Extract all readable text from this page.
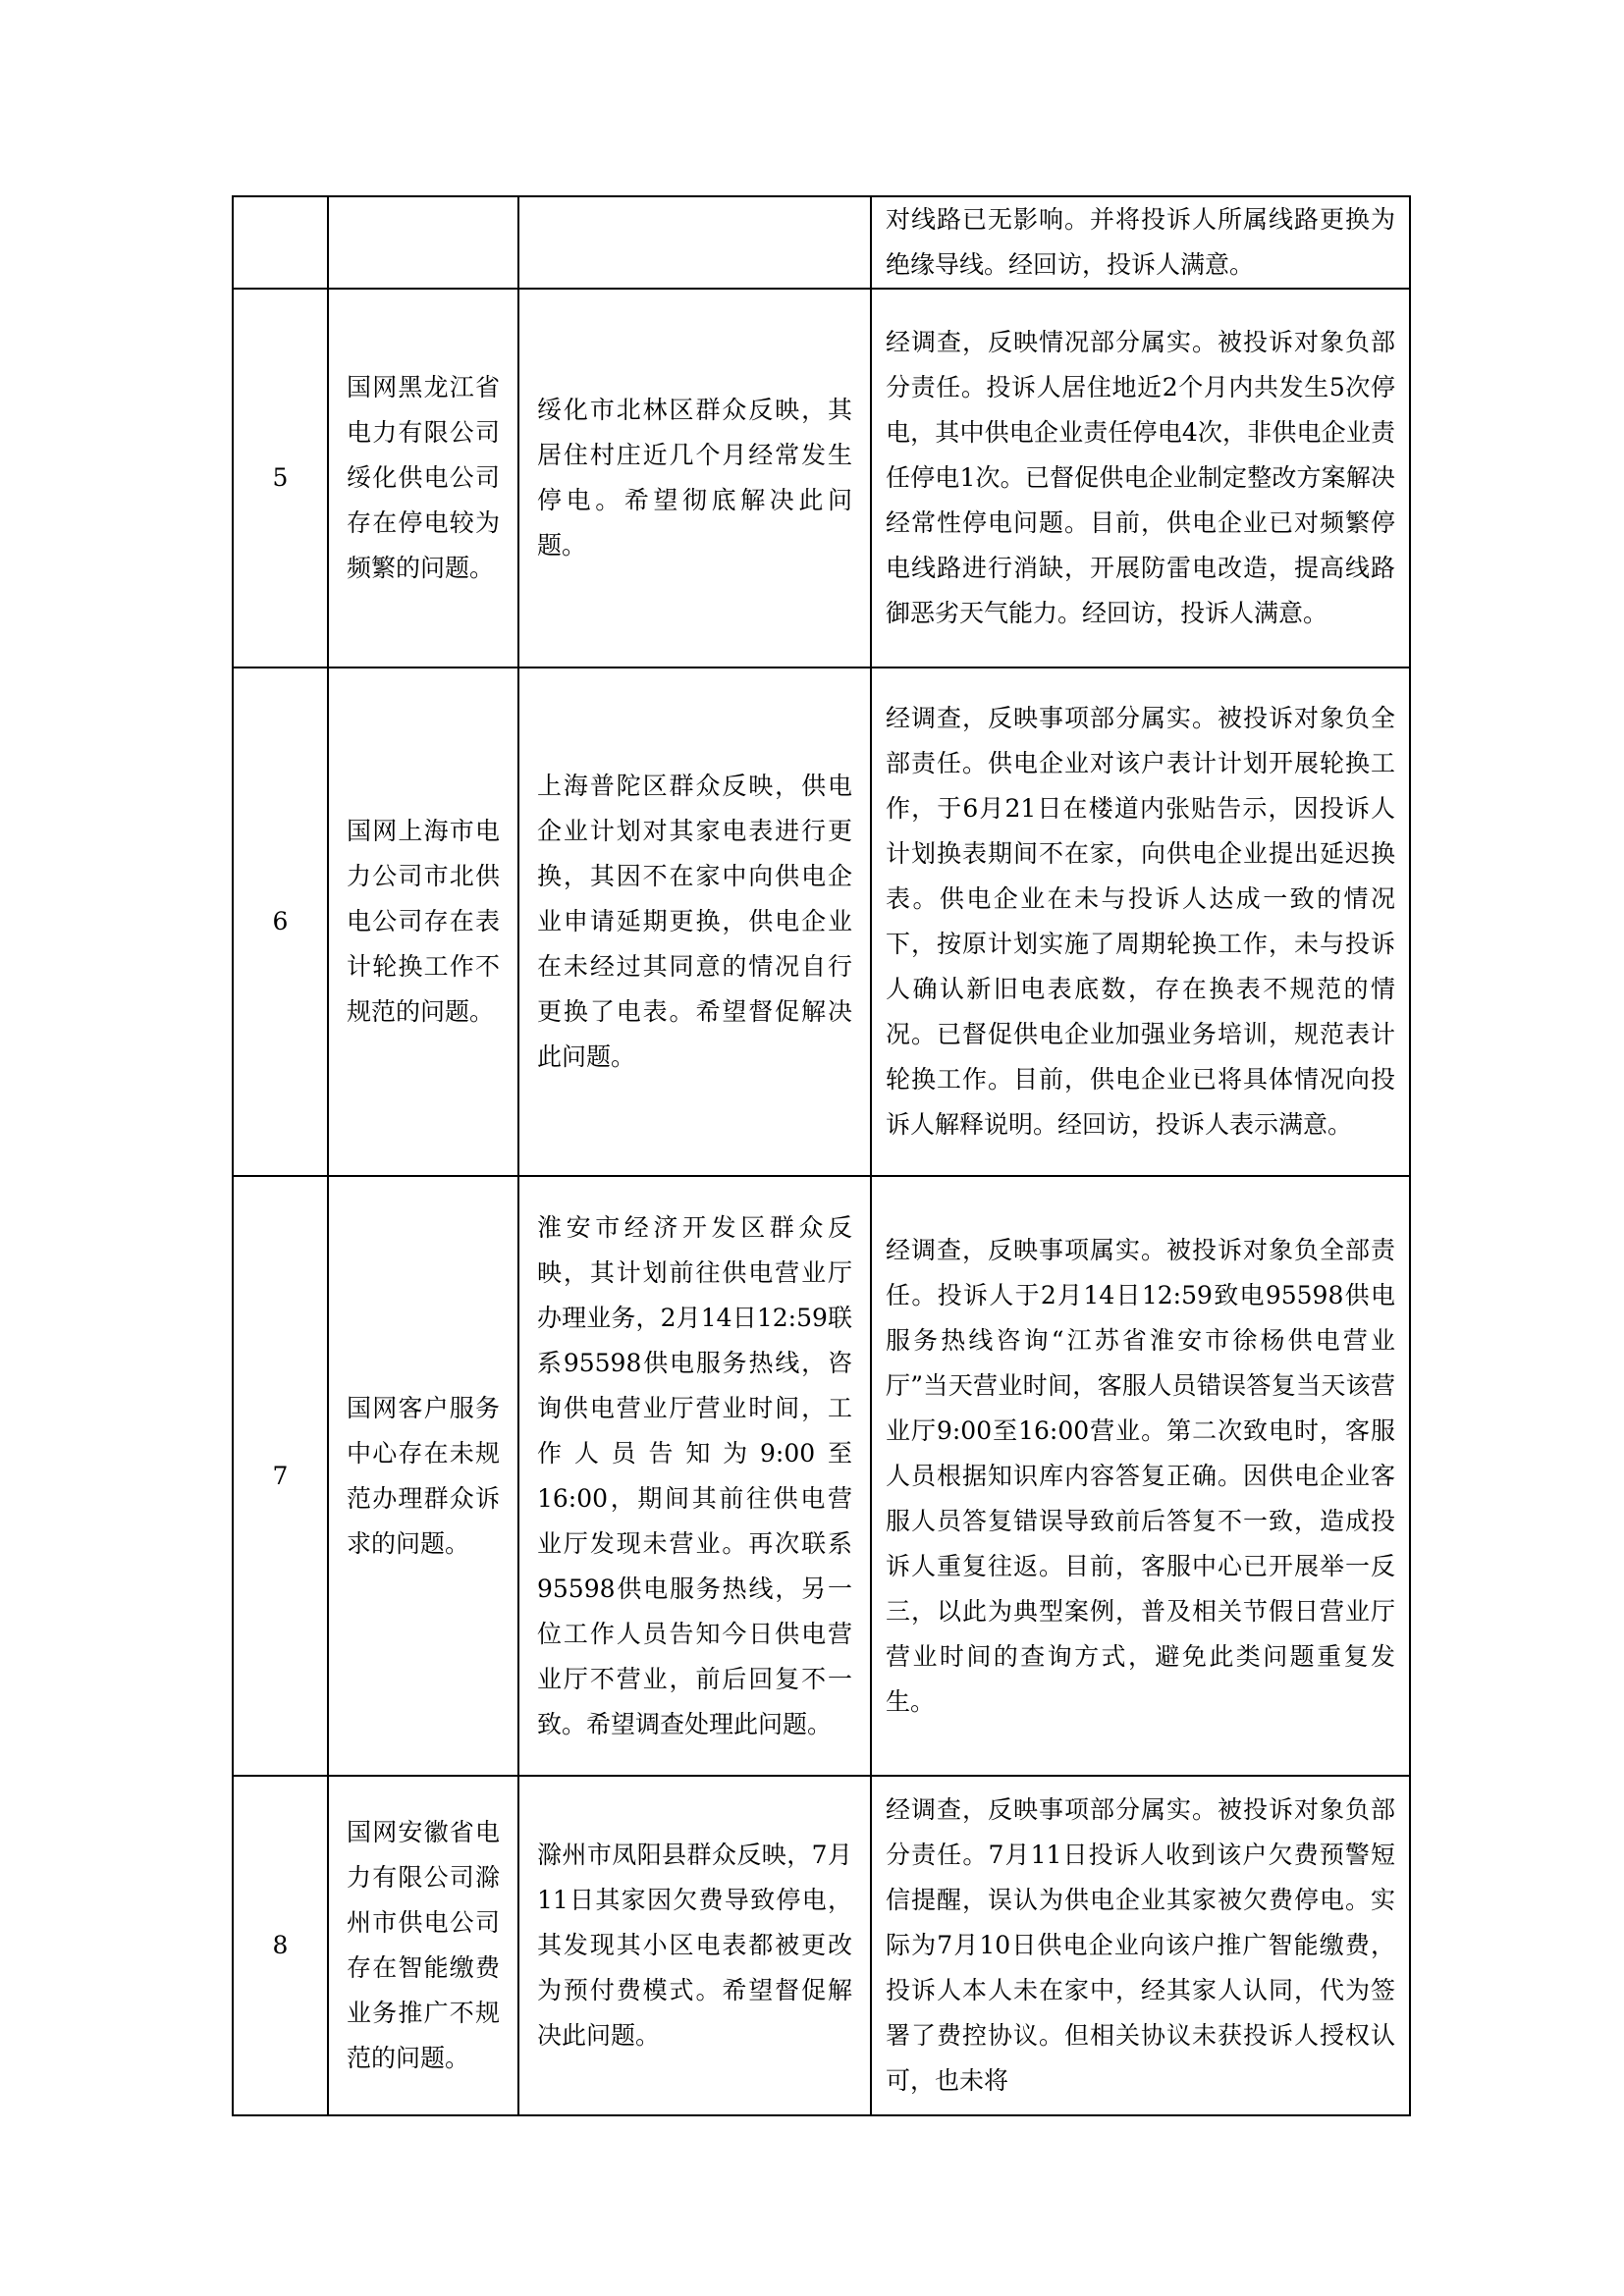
			对线路已无影响。并将投诉人所属线路更换为绝缘导线。经回访，投诉人满意。

5	国网黑龙江省电力有限公司绥化供电公司存在停电较为频繁的问题。	绥化市北林区群众反映，其居住村庄近几个月经常发生停电。希望彻底解决此问题。	经调查，反映情况部分属实。被投诉对象负部分责任。投诉人居住地近2个月内共发生5次停电，其中供电企业责任停电4次，非供电企业责任停电1次。已督促供电企业制定整改方案解决经常性停电问题。目前，供电企业已对频繁停电线路进行消缺，开展防雷电改造，提高线路御恶劣天气能力。经回访，投诉人满意。

6	国网上海市电力公司市北供电公司存在表计轮换工作不规范的问题。	上海普陀区群众反映，供电企业计划对其家电表进行更换，其因不在家中向供电企业申请延期更换，供电企业在未经过其同意的情况自行更换了电表。希望督促解决此问题。	经调查，反映事项部分属实。被投诉对象负全部责任。供电企业对该户表计计划开展轮换工作，于6月21日在楼道内张贴告示，因投诉人计划换表期间不在家，向供电企业提出延迟换表。供电企业在未与投诉人达成一致的情况下，按原计划实施了周期轮换工作，未与投诉人确认新旧电表底数，存在换表不规范的情况。已督促供电企业加强业务培训，规范表计轮换工作。目前，供电企业已将具体情况向投诉人解释说明。经回访，投诉人表示满意。

7	国网客户服务中心存在未规范办理群众诉求的问题。	淮安市经济开发区群众反映，其计划前往供电营业厅办理业务，2月14日12:59联系95598供电服务热线，咨询供电营业厅营业时间，工作人员告知为9:00至16:00，期间其前往供电营业厅发现未营业。再次联系95598供电服务热线，另一位工作人员告知今日供电营业厅不营业，前后回复不一致。希望调查处理此问题。	经调查，反映事项属实。被投诉对象负全部责任。投诉人于2月14日12:59致电95598供电服务热线咨询“江苏省淮安市徐杨供电营业厅”当天营业时间，客服人员错误答复当天该营业厅9:00至16:00营业。第二次致电时，客服人员根据知识库内容答复正确。因供电企业客服人员答复错误导致前后答复不一致，造成投诉人重复往返。目前，客服中心已开展举一反三，以此为典型案例，普及相关节假日营业厅营业时间的查询方式，避免此类问题重复发生。

8	国网安徽省电力有限公司滁州市供电公司存在智能缴费业务推广不规范的问题。	滁州市凤阳县群众反映，7月11日其家因欠费导致停电，其发现其小区电表都被更改为预付费模式。希望督促解决此问题。	经调查，反映事项部分属实。被投诉对象负部分责任。7月11日投诉人收到该户欠费预警短信提醒，误认为供电企业其家被欠费停电。实际为7月10日供电企业向该户推广智能缴费，投诉人本人未在家中，经其家人认同，代为签署了费控协议。但相关协议未获投诉人授权认可，也未将
